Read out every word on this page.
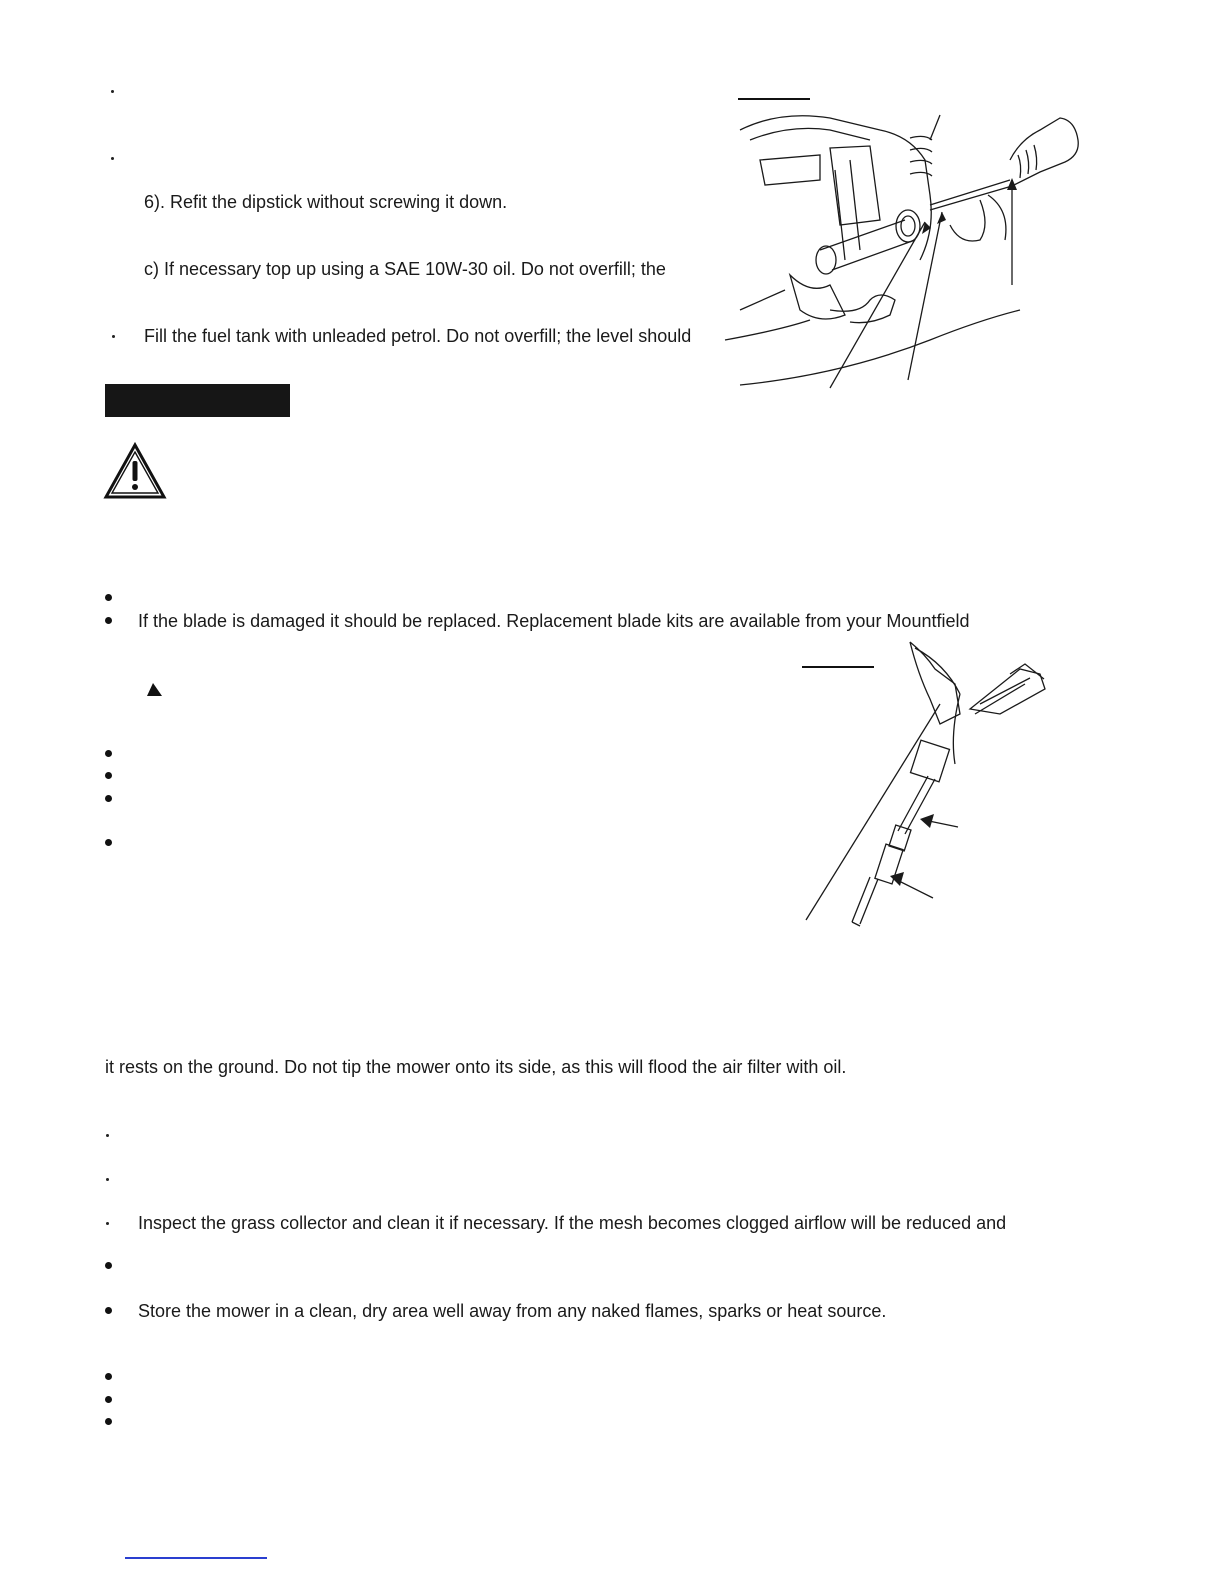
6). Refit the dipstick without screwing it down.
c) If necessary top up using a SAE 10W-30 oil. Do not overfill; the
Fill the fuel tank with unleaded petrol. Do not overfill; the level should
If the blade is damaged it should be replaced. Replacement blade kits are available from your Mountfield
it rests on the ground. Do not tip the mower onto its side, as this will flood the air filter with oil.
Inspect the grass collector and clean it if necessary. If the mesh becomes clogged airflow will be reduced and
Store the mower in a clean, dry area well away from any naked flames, sparks or heat source.
